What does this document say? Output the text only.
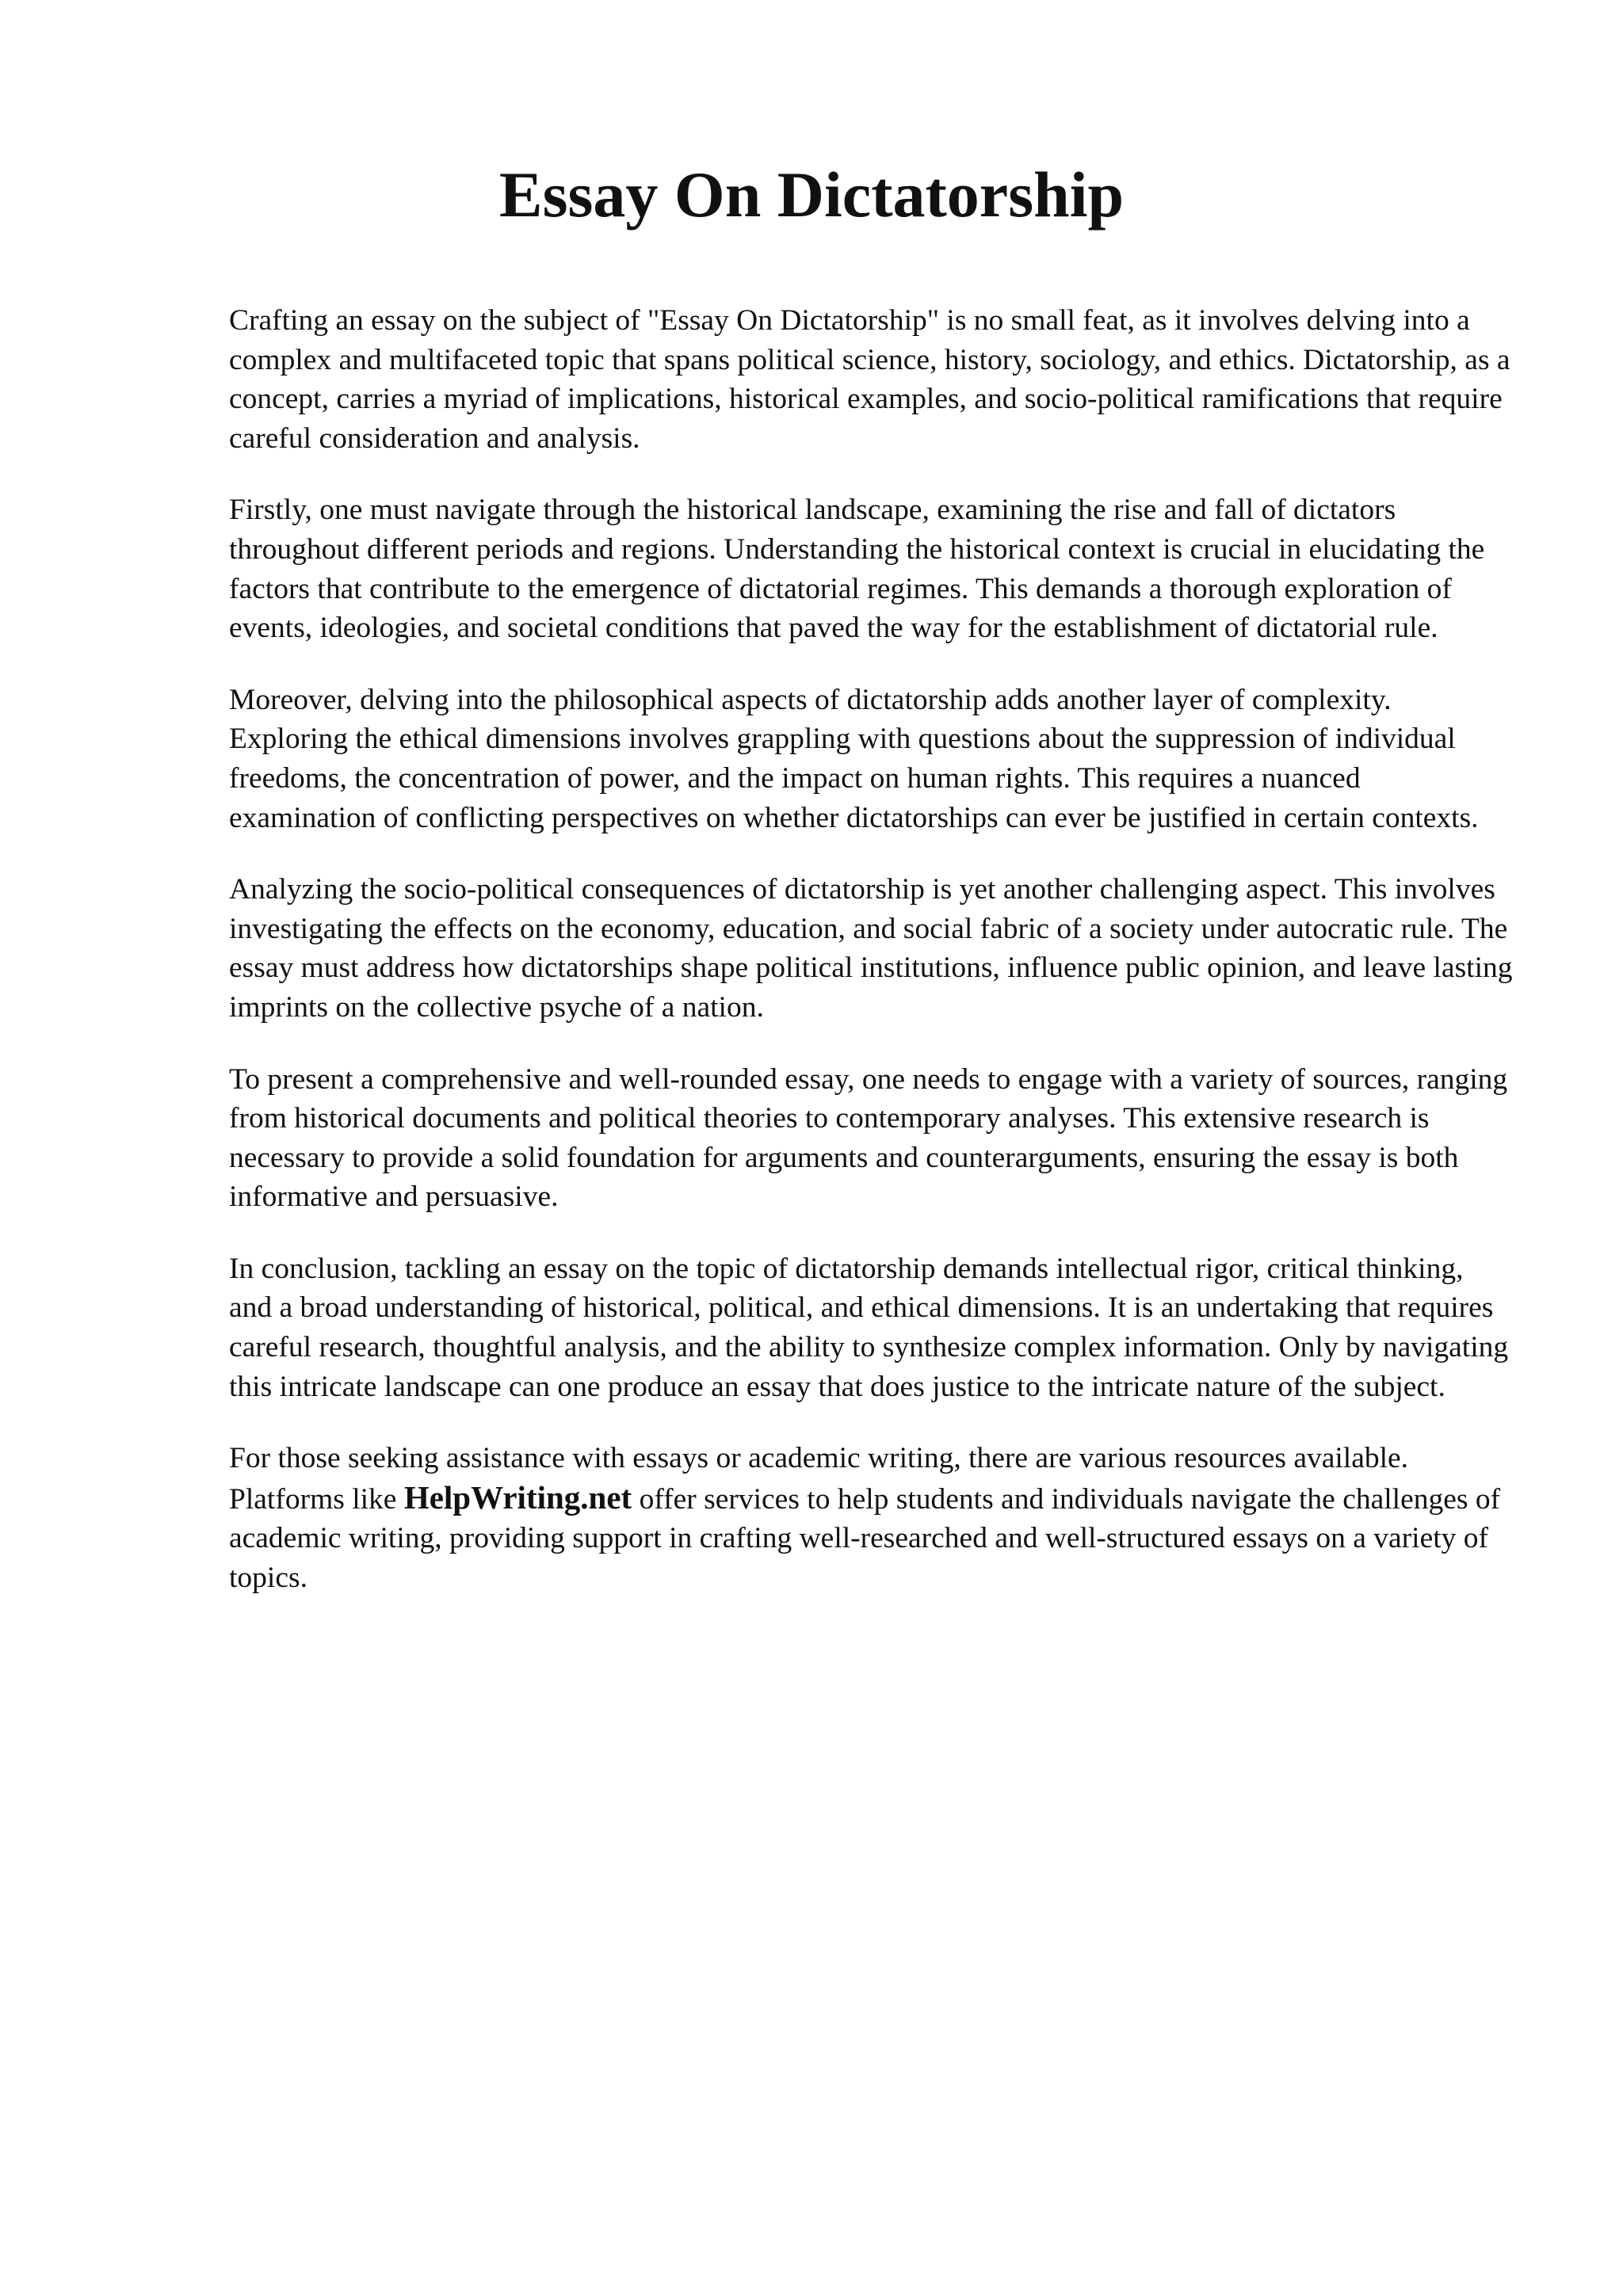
Essay On Dictatorship

Crafting an essay on the subject of "Essay On Dictatorship" is no small feat, as it involves delving into a complex and multifaceted topic that spans political science, history, sociology, and ethics. Dictatorship, as a concept, carries a myriad of implications, historical examples, and socio-political ramifications that require careful consideration and analysis.

Firstly, one must navigate through the historical landscape, examining the rise and fall of dictators throughout different periods and regions. Understanding the historical context is crucial in elucidating the factors that contribute to the emergence of dictatorial regimes. This demands a thorough exploration of events, ideologies, and societal conditions that paved the way for the establishment of dictatorial rule.

Moreover, delving into the philosophical aspects of dictatorship adds another layer of complexity. Exploring the ethical dimensions involves grappling with questions about the suppression of individual freedoms, the concentration of power, and the impact on human rights. This requires a nuanced examination of conflicting perspectives on whether dictatorships can ever be justified in certain contexts.

Analyzing the socio-political consequences of dictatorship is yet another challenging aspect. This involves investigating the effects on the economy, education, and social fabric of a society under autocratic rule. The essay must address how dictatorships shape political institutions, influence public opinion, and leave lasting imprints on the collective psyche of a nation.

To present a comprehensive and well-rounded essay, one needs to engage with a variety of sources, ranging from historical documents and political theories to contemporary analyses. This extensive research is necessary to provide a solid foundation for arguments and counterarguments, ensuring the essay is both informative and persuasive.

In conclusion, tackling an essay on the topic of dictatorship demands intellectual rigor, critical thinking, and a broad understanding of historical, political, and ethical dimensions. It is an undertaking that requires careful research, thoughtful analysis, and the ability to synthesize complex information. Only by navigating this intricate landscape can one produce an essay that does justice to the intricate nature of the subject.

For those seeking assistance with essays or academic writing, there are various resources available. Platforms like HelpWriting.net offer services to help students and individuals navigate the challenges of academic writing, providing support in crafting well-researched and well-structured essays on a variety of topics.
